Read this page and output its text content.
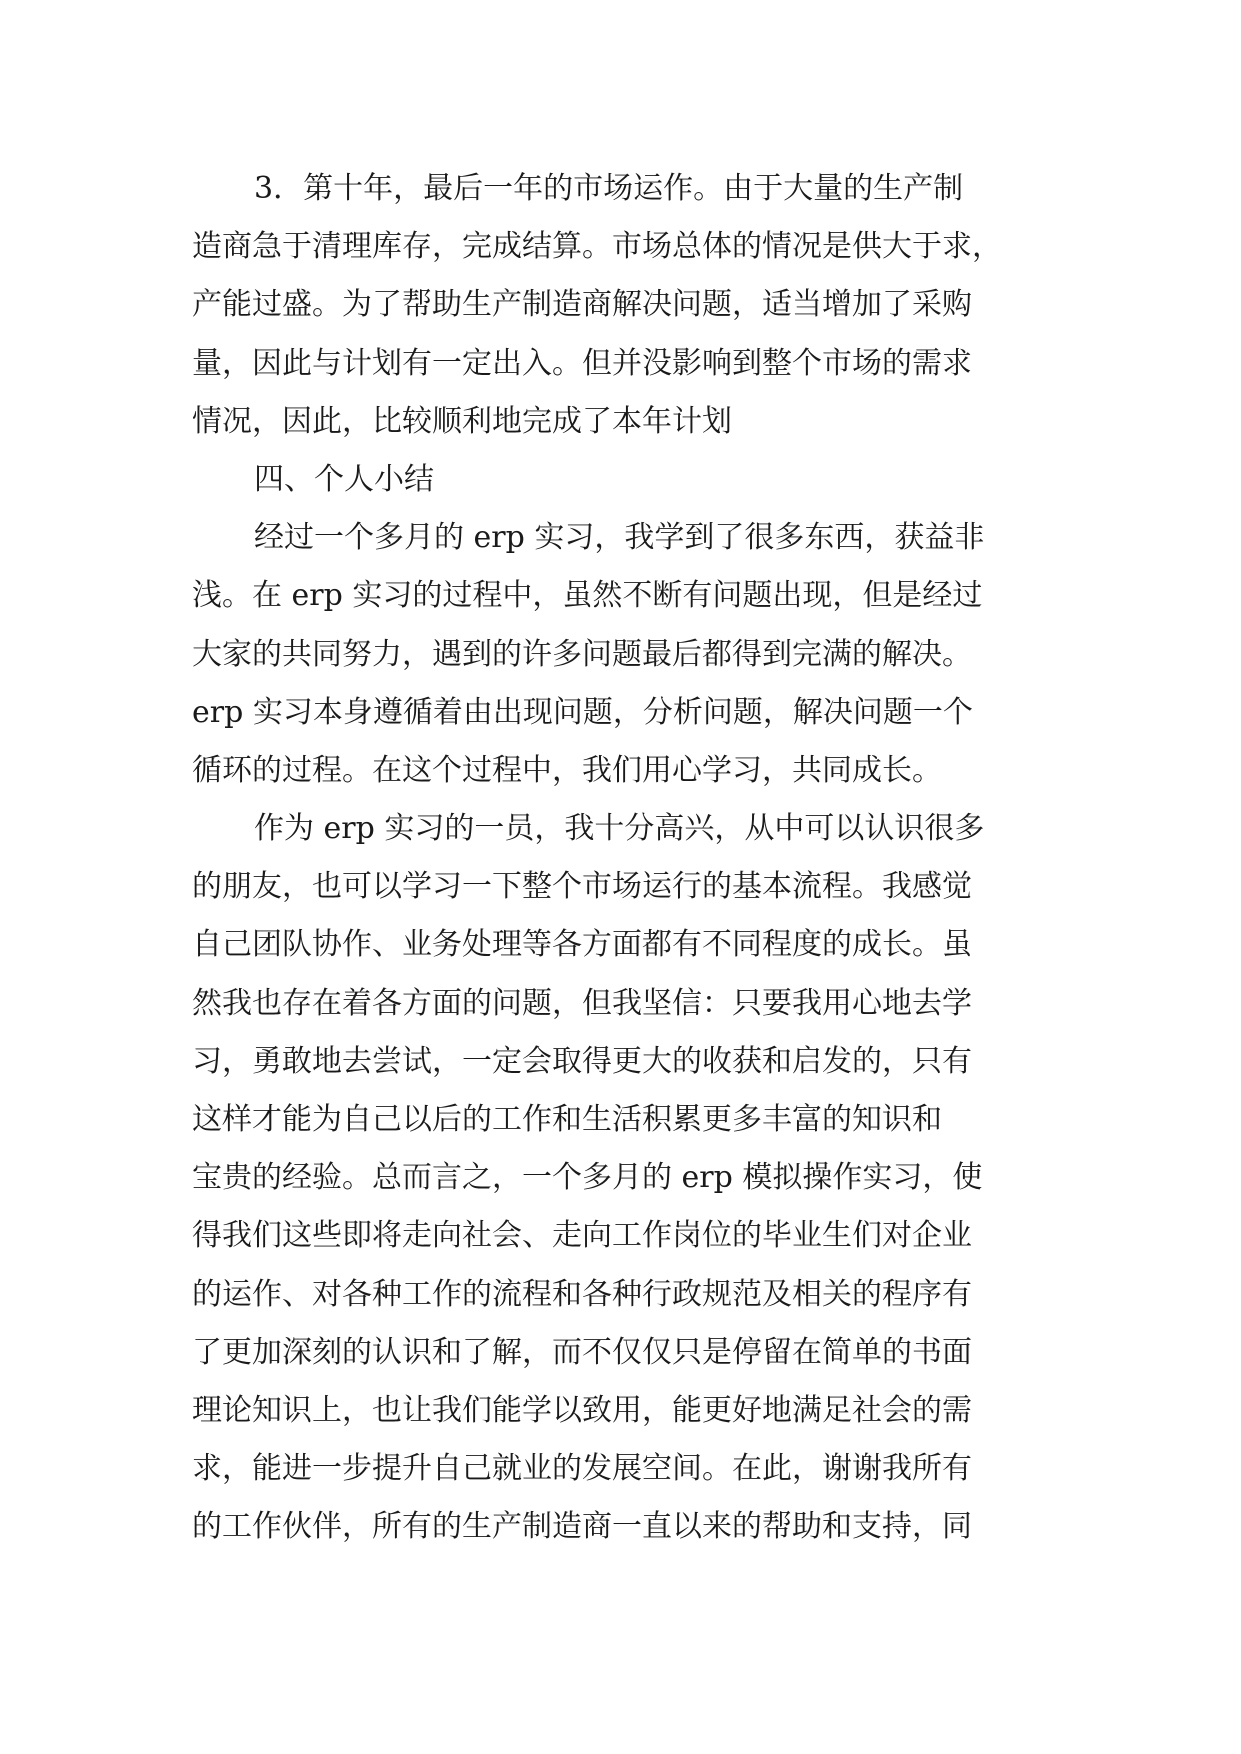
3．第十年，最后一年的市场运作。由于大量的生产制
造商急于清理库存，完成结算。市场总体的情况是供大于求，
产能过盛。为了帮助生产制造商解决问题，适当增加了采购
量，因此与计划有一定出入。但并没影响到整个市场的需求
情况，因此，比较顺利地完成了本年计划
四、个人小结
经过一个多月的 erp 实习，我学到了很多东西，获益非
浅。在 erp 实习的过程中，虽然不断有问题出现，但是经过
大家的共同努力，遇到的许多问题最后都得到完满的解决。
erp 实习本身遵循着由出现问题，分析问题，解决问题一个
循环的过程。在这个过程中，我们用心学习，共同成长。
作为 erp 实习的一员，我十分高兴，从中可以认识很多
的朋友，也可以学习一下整个市场运行的基本流程。我感觉
自己团队协作、业务处理等各方面都有不同程度的成长。虽
然我也存在着各方面的问题，但我坚信：只要我用心地去学
习，勇敢地去尝试，一定会取得更大的收获和启发的，只有
这样才能为自己以后的工作和生活积累更多丰富的知识和
宝贵的经验。总而言之，一个多月的 erp 模拟操作实习，使
得我们这些即将走向社会、走向工作岗位的毕业生们对企业
的运作、对各种工作的流程和各种行政规范及相关的程序有
了更加深刻的认识和了解，而不仅仅只是停留在简单的书面
理论知识上，也让我们能学以致用，能更好地满足社会的需
求，能进一步提升自己就业的发展空间。在此，谢谢我所有
的工作伙伴，所有的生产制造商一直以来的帮助和支持，同
